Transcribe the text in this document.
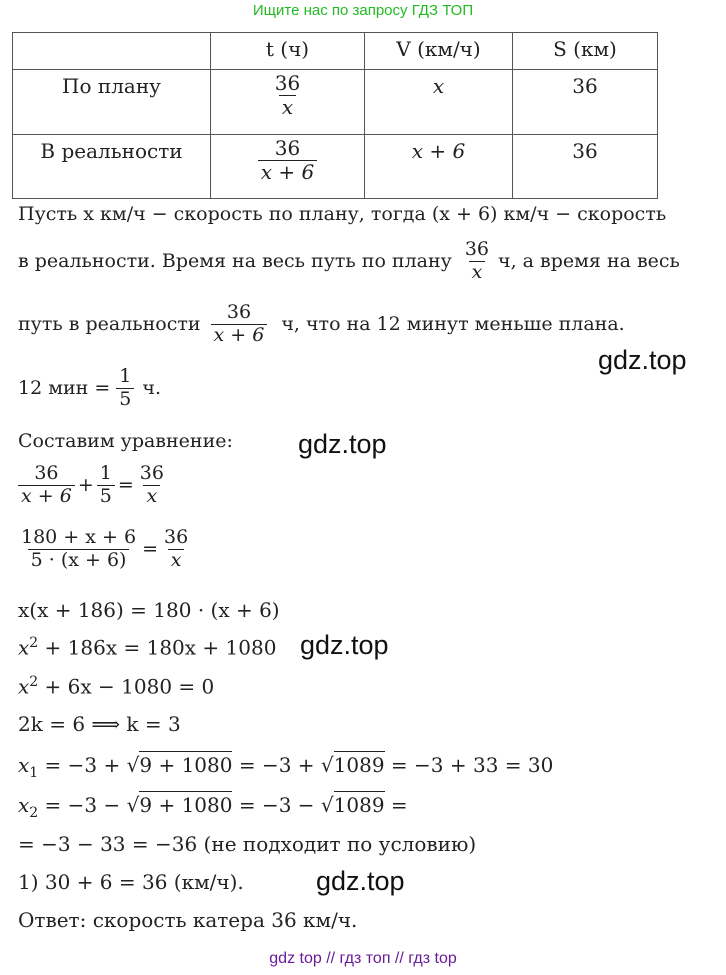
Ищите нас по запросу ГДЗ ТОП
	t (ч)	V (км/ч)	S (км)
По плану	$\frac{36}{x}$	x	36
В реальности	$\frac{36}{x + 6}$	x + 6	36
Пусть x км/ч − скорость по плану, тогда (x + 6) км/ч − скорость
в реальности. Время на весь путь по плану $\frac{36}{x} ч$, а время на весь
путь в реальности $\frac{36}{x + 6} ч$, что на 12 минут меньше плана.
gdz.top
12 мин = $\frac{1}{5} ч$.
Составим уравнение: gdz.top
$\frac{36}{x + 6} + \frac{1}{5} = \frac{36}{x}$
$\frac{180 + x + 6}{5 \cdot (x + 6)} = \frac{36}{x}$
x(x + 186) = 180 · (x + 6)
$x^2 + 186x = 180x + 1080$ gdz.top
$x^2 + 6x - 1080 = 0$
2k = 6 ⟹ k = 3
$x_1 = -3 + √9 + 1080 = -3 + √1089 = -3 + 33 = 30$
$x_2 = -3 - √9 + 1080 = -3 - √1089$ =
= −3 − 33 = −36 (не подходит по условию)
1) 30 + 6 = 36 (км/ч).	gdz.top
Ответ: скорость катера 36 км/ч.
gdz top // гдз топ // гдз top
